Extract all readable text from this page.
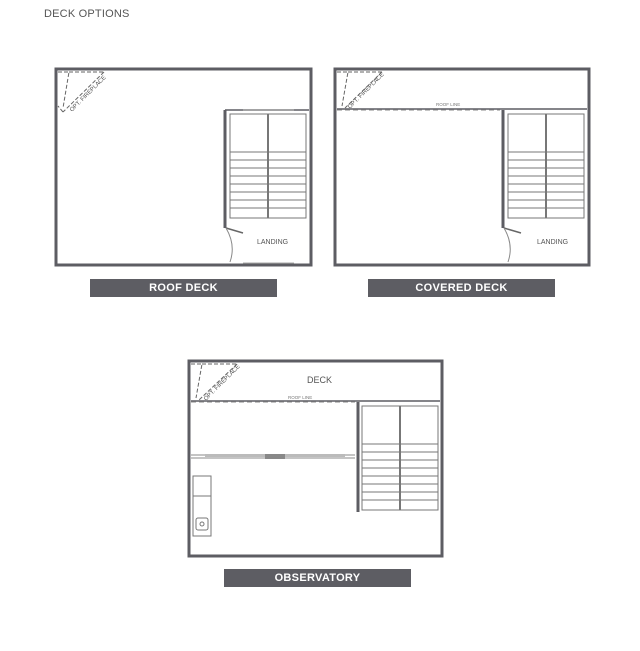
DECK OPTIONS
OPT. FIREPLACE
LANDING
ROOF LINE
OPT. FIREPLACE
LANDING
ROOF LINE
DECK
OPT. FIREPLACE
ROOF DECK	COVERED DECK
OBSERVATORY
